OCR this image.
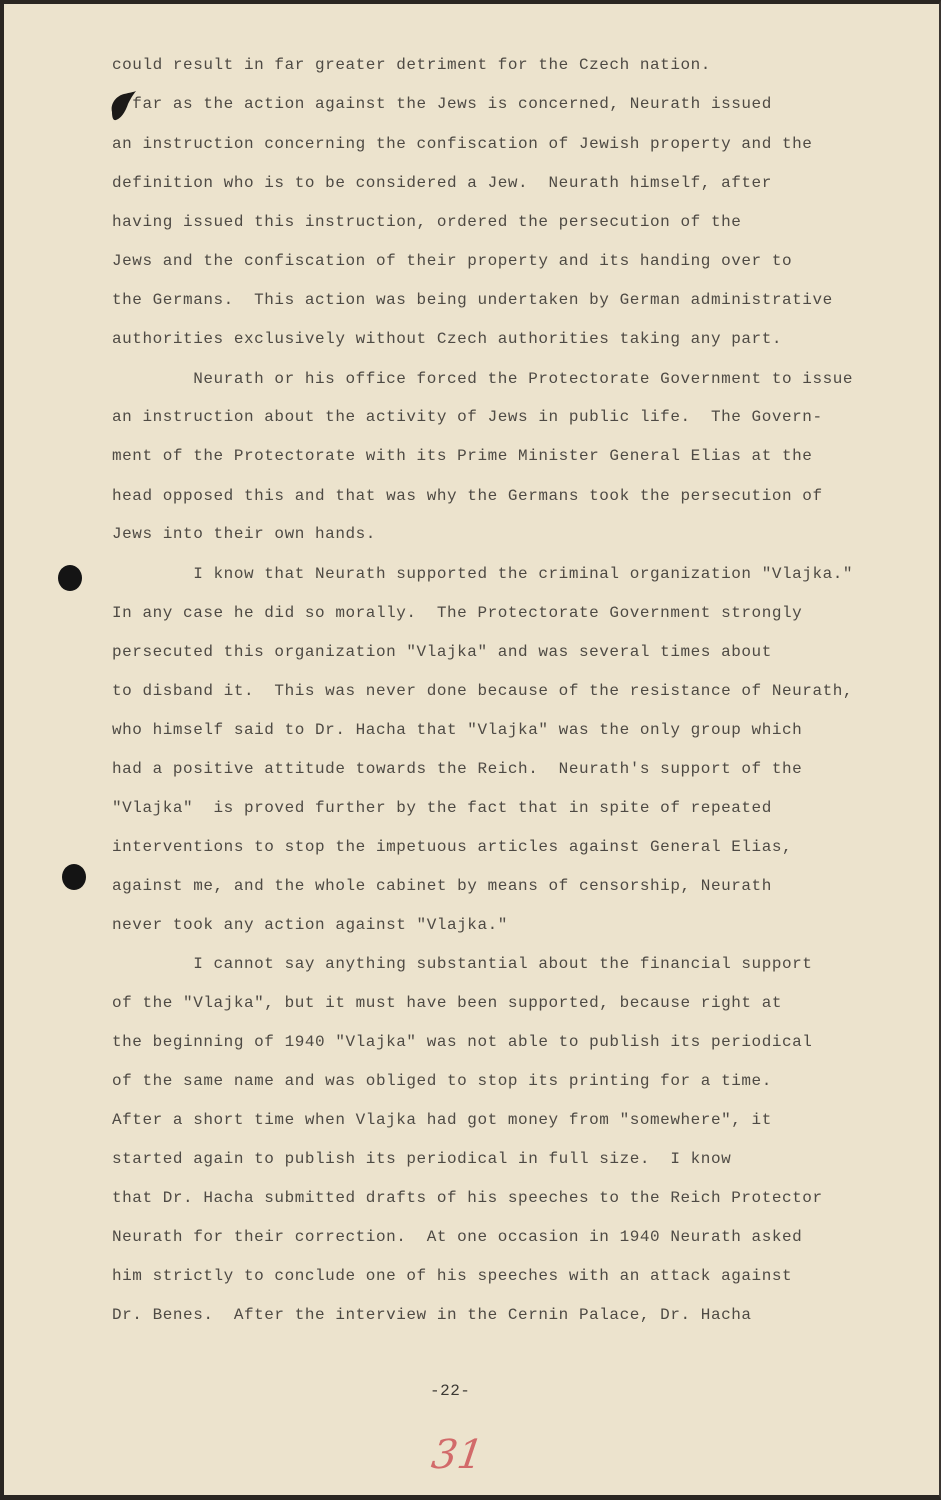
could result in far greater detriment for the Czech nation.
far as the action against the Jews is concerned, Neurath issued
an instruction concerning the confiscation of Jewish property and the
definition who is to be considered a Jew.  Neurath himself, after
having issued this instruction, ordered the persecution of the
Jews and the confiscation of their property and its handing over to
the Germans.  This action was being undertaken by German administrative
authorities exclusively without Czech authorities taking any part.
Neurath or his office forced the Protectorate Government to issue
an instruction about the activity of Jews in public life.  The Govern-
ment of the Protectorate with its Prime Minister General Elias at the
head opposed this and that was why the Germans took the persecution of
Jews into their own hands.
I know that Neurath supported the criminal organization "Vlajka."
In any case he did so morally.  The Protectorate Government strongly
persecuted this organization "Vlajka" and was several times about
to disband it.  This was never done because of the resistance of Neurath,
who himself said to Dr. Hacha that "Vlajka" was the only group which
had a positive attitude towards the Reich.  Neurath's support of the
"Vlajka"  is proved further by the fact that in spite of repeated
interventions to stop the impetuous articles against General Elias,
against me, and the whole cabinet by means of censorship, Neurath
never took any action against "Vlajka."
I cannot say anything substantial about the financial support
of the "Vlajka", but it must have been supported, because right at
the beginning of 1940 "Vlajka" was not able to publish its periodical
of the same name and was obliged to stop its printing for a time.
After a short time when Vlajka had got money from "somewhere", it
started again to publish its periodical in full size.  I know
that Dr. Hacha submitted drafts of his speeches to the Reich Protector
Neurath for their correction.  At one occasion in 1940 Neurath asked
him strictly to conclude one of his speeches with an attack against
Dr. Benes.  After the interview in the Cernin Palace, Dr. Hacha
-22-
31
